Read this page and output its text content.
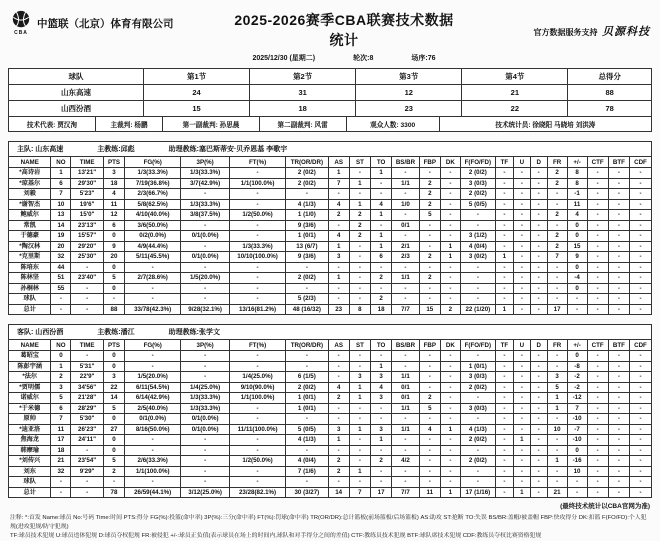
CBA
中篮联（北京）体育有限公司	2025-2026赛季CBA联赛技术数据统计
2025/12/30 (星期二)	轮次:8	场序:76
官方数据服务支持 贝源科技
球队	第1节	第2节	第3节	第4节	总得分
山东高速	24	31	12	21	88
山西汾酒	15	18	23	22	78
技术代表: 贾汉洵	主裁判: 杨鹏	第一副裁判: 孙思晨	第二副裁判: 风雷	观众人数: 3300	技术统计员: 徐晓阳 马晓培 刘洪涛
主队: 山东高速	主教练:邱彪	助理教练:塞巴斯蒂安·贝乔恩基 李歌宇
NAME	NO	TIME	PTS	FG(%)	3P(%)	FT(%)	TR(OR/DR)	AS	ST	TO	BS/BR	FBP	DK	F(FO/FD)	TF	U	D	FR	+/-	CTF	BTF	CDF
*高诗岩	1	13'21"	3	1/3(33.3%)	1/3(33.3%)	-	2 (0/2)	1	-	1	-	-	-	2 (0/2)	-	-	-	2	8	-	-	-
*琼基尔	6	29'30"	18	7/19(36.8%)	3/7(42.9%)	1/1(100.0%)	2 (0/2)	7	1	-	1/1	2	-	3 (0/3)	-	-	-	2	8	-	-	-
刘毅	7	5'23"	4	2/3(66.7%)	-	-	-	-	-	-	-	2	-	2 (0/2)	-	-	-	-	-1	-	-	-
*谢智杰	10	19'6"	11	5/8(62.5%)	1/3(33.3%)	-	4 (1/3)	4	1	4	1/0	2	-	5 (0/5)	-	-	-	-	11	-	-	-
鲍威尔	13	15'0"	12	4/10(40.0%)	3/8(37.5%)	1/2(50.0%)	1 (1/0)	2	2	1	-	5	-	-	-	-	-	2	4	-	-	-
常凯	14	23'13"	6	3/6(50.0%)	-	-	9 (3/6)	-	2	-	0/1	-	-	-	-	-	-	-	0	-	-	-
于德豪	19	15'57"	0	0/2(0.0%)	0/1(0.0%)	-	1 (0/1)	4	2	1	-	-	-	3 (1/2)	-	-	-	2	0	-	-	-
*陶汉林	20	29'20"	9	4/9(44.4%)	-	1/3(33.3%)	13 (6/7)	1	-	1	2/1	-	1	4 (0/4)	-	-	-	2	15	-	-	-
*克里斯	32	25'30"	20	5/11(45.5%)	0/1(0.0%)	10/10(100.0%)	9 (3/6)	3	-	6	2/3	2	1	3 (0/2)	1	-	-	7	9	-	-	-
陈培东	44	-	0	-	-	-	-	-	-	-	-	-	-	-	-	-	-	-	0	-	-	-
陈林坚	51	23'40"	5	2/7(28.6%)	1/5(20.0%)	-	2 (0/2)	1	-	2	1/1	2	-	-	-	-	-	-	-4	-	-	-
孙桐林	55	-	0	-	-	-	-	-	-	-	-	-	-	-	-	-	-	-	0	-	-	-
球队	-	-	-	-	-	-	5 (2/3)	-	-	2	-	-	-	-	-	-	-	-	-	-	-	-
总计	-	-	88	33/78(42.3%)	9/28(32.1%)	13/16(81.2%)	48 (16/32)	23	8	18	7/7	15	2	22 (1/20)	1	-	-	17	-	-	-	-
客队: 山西汾酒	主教练:潘江	助理教练:张学文
NAME	NO	TIME	PTS	FG(%)	3P(%)	FT(%)	TR(OR/DR)	AS	ST	TO	BS/BR	FBP	DK	F(FO/FD)	TF	U	D	FR	+/-	CTF	BTF	CDF
葛昭宝	0	-	0	-	-	-	-	-	-	-	-	-	-	-	-	-	-	-	0	-	-	-
陈彭宇涵	1	5'31"	0	-	-	-	-	-	-	1	-	-	-	1 (0/1)	-	-	-	-	-8	-	-	-
*法尔	2	22'9"	3	1/5(20.0%)	-	1/4(25.0%)	6 (1/5)	-	3	3	1/1	-	-	3 (0/3)	-	-	-	3	-2	-	-	-
*贾明儒	3	34'56"	22	6/11(54.5%)	1/4(25.0%)	9/10(90.0%)	2 (0/2)	4	1	4	0/1	-	-	2 (0/2)	-	-	-	5	-2	-	-	-
诺威尔	5	21'28"	14	6/14(42.9%)	1/3(33.3%)	1/1(100.0%)	1 (0/1)	2	1	3	0/1	2	-	-	-	-	-	1	-12	-	-	-
*于米德	6	28'29"	5	2/5(40.0%)	1/3(33.3%)	-	1 (0/1)	-	-	-	1/1	5	-	3 (0/3)	-	-	-	1	7	-	-	-
原帅	7	5'30"	0	0/1(0.0%)	0/1(0.0%)	-	-	-	-	-	-	-	-	-	-	-	-	-	-10	-	-	-
*迪亚洛	11	26'23"	27	8/16(50.0%)	0/1(0.0%)	11/11(100.0%)	5 (0/5)	3	1	3	1/1	4	1	4 (1/3)	-	-	-	10	-7	-	-	-
焦海龙	17	24'11"	0	-	-	-	4 (1/3)	1	-	1	-	-	-	2 (0/2)	-	1	-	-	-10	-	-	-
韩摩瑜	18	-	0	-	-	-	-	-	-	-	-	-	-	-	-	-	-	-	0	-	-	-
*刘传兴	21	23'54"	5	2/6(33.3%)	-	1/2(50.0%)	4 (0/4)	2	-	2	4/2	-	-	2 (0/2)	-	-	-	1	-16	-	-	-
刘东	32	9'29"	2	1/1(100.0%)	-	-	7 (1/6)	2	1	-	-	-	-	-	-	-	-	-	10	-	-	-
球队	-	-	-	-	-	-	-	-	-	-	-	-	-	-	-	-	-	-	-	-	-	-
总计	-	-	78	26/59(44.1%)	3/12(25.0%)	23/28(82.1%)	30 (3/27)	14	7	17	7/7	11	1	17 (1/16)	-	1	-	21	-	-	-	-
(最终技术统计以CBA官网为准)
注释: *:首发 Name:球员 No:号码 Time:时间 PTS:得分 FG(%):投篮(命中率) 3P(%):三分(命中率) FT(%):罚球(命中率) TR(OR/DR):总计篮板(前场篮板/后场篮板) AS:助攻 ST:抢断 TO:失误 BS/BR:盖帽/被盖帽 FBP:快攻得分 DK:扣篮 F(FO/FD):个人犯规(进攻犯规/防守犯规)
TF:球员技术犯规 U:球员违体犯规 D:球员夺权犯规 FR:被侵犯 +/-:球员正负值(表示球员在场上的时间内,球队和对手得分之间的差值) CTF:教练员技术犯规 BTF:球队席技术犯规 CDF:教练员夺权比赛资格犯规
